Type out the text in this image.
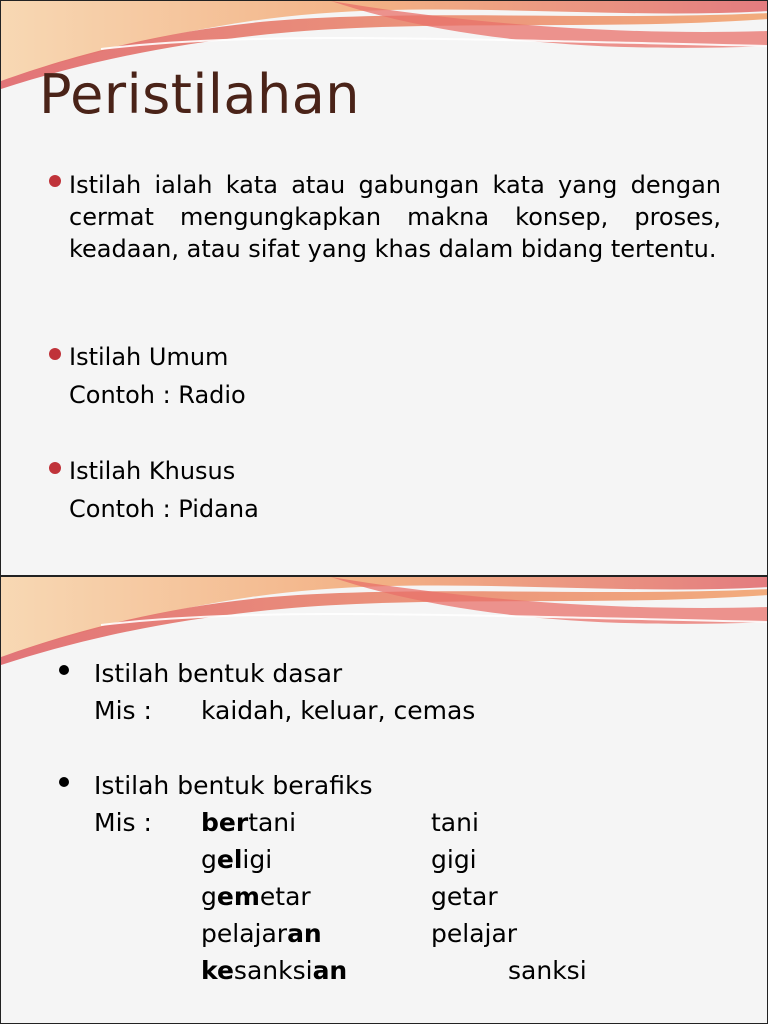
Peristilahan
Istilah ialah kata atau gabungan kata yang dengan cermat mengungkapkan makna konsep, proses, keadaan, atau sifat yang khas dalam bidang tertentu.
Istilah Umum
Contoh : Radio
Istilah Khusus
Contoh : Pidana
Istilah bentuk dasar
Mis : kaidah, keluar, cemas
Istilah bentuk berafiks
Mis : bertani	tani
geligi	gigi
gemetar	getar
pelajaran	pelajar
kesanksian	sanksi
